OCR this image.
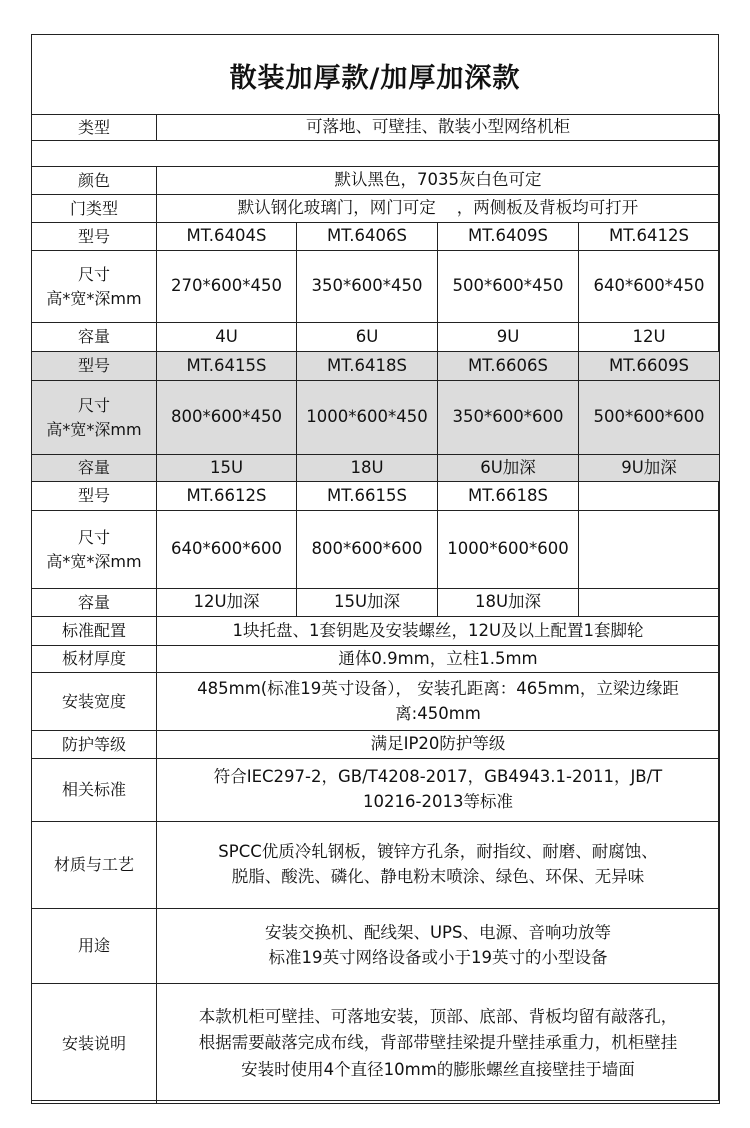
散装加厚款/加厚加深款
类型	可落地、可壁挂、散装小型网络机柜			

颜色	默认黑色，7035灰白色可定			
门类型	默认钢化玻璃门，网门可定    ，两侧板及背板均可打开			
型号	MT.6404S	MT.6406S	MT.6409S	MT.6412S

尺寸
高*宽*深mm	270*600*450	350*600*450	500*600*450	640*600*450
容量	4U	6U	9U	12U
型号	MT.6415S	MT.6418S	MT.6606S	MT.6609S

尺寸
高*宽*深mm	800*600*450	1000*600*450	350*600*600	500*600*600
容量	15U	18U	6U加深	9U加深
型号	MT.6612S	MT.6615S	MT.6618S	

尺寸
高*宽*深mm	640*600*600	800*600*600	1000*600*600	
容量	12U加深	15U加深	18U加深	
标准配置	1块托盘、1套钥匙及安装螺丝，12U及以上配置1套脚轮			
板材厚度	通体0.9mm，立柱1.5mm			
安装宽度	485mm(标准19英寸设备）， 安装孔距离：465mm，立梁边缘距
离:450mm			

防护等级	满足IP20防护等级			
相关标准	符合IEC297-2，GB/T4208-2017，GB4943.1-2011，JB/T
10216-2013等标准			

材质与工艺	SPCC优质冷轧钢板，镀锌方孔条，耐指纹、耐磨、耐腐蚀、
脱脂、酸洗、磷化、静电粉末喷涂、绿色、环保、无异味			

用途	安装交换机、配线架、UPS、电源、音响功放等
标准19英寸网络设备或小于19英寸的小型设备			

安装说明	本款机柜可壁挂、可落地安装，顶部、底部、背板均留有敲落孔，
根据需要敲落完成布线，背部带壁挂梁提升壁挂承重力，机柜壁挂
安装时使用4个直径10mm的膨胀螺丝直接壁挂于墙面			
